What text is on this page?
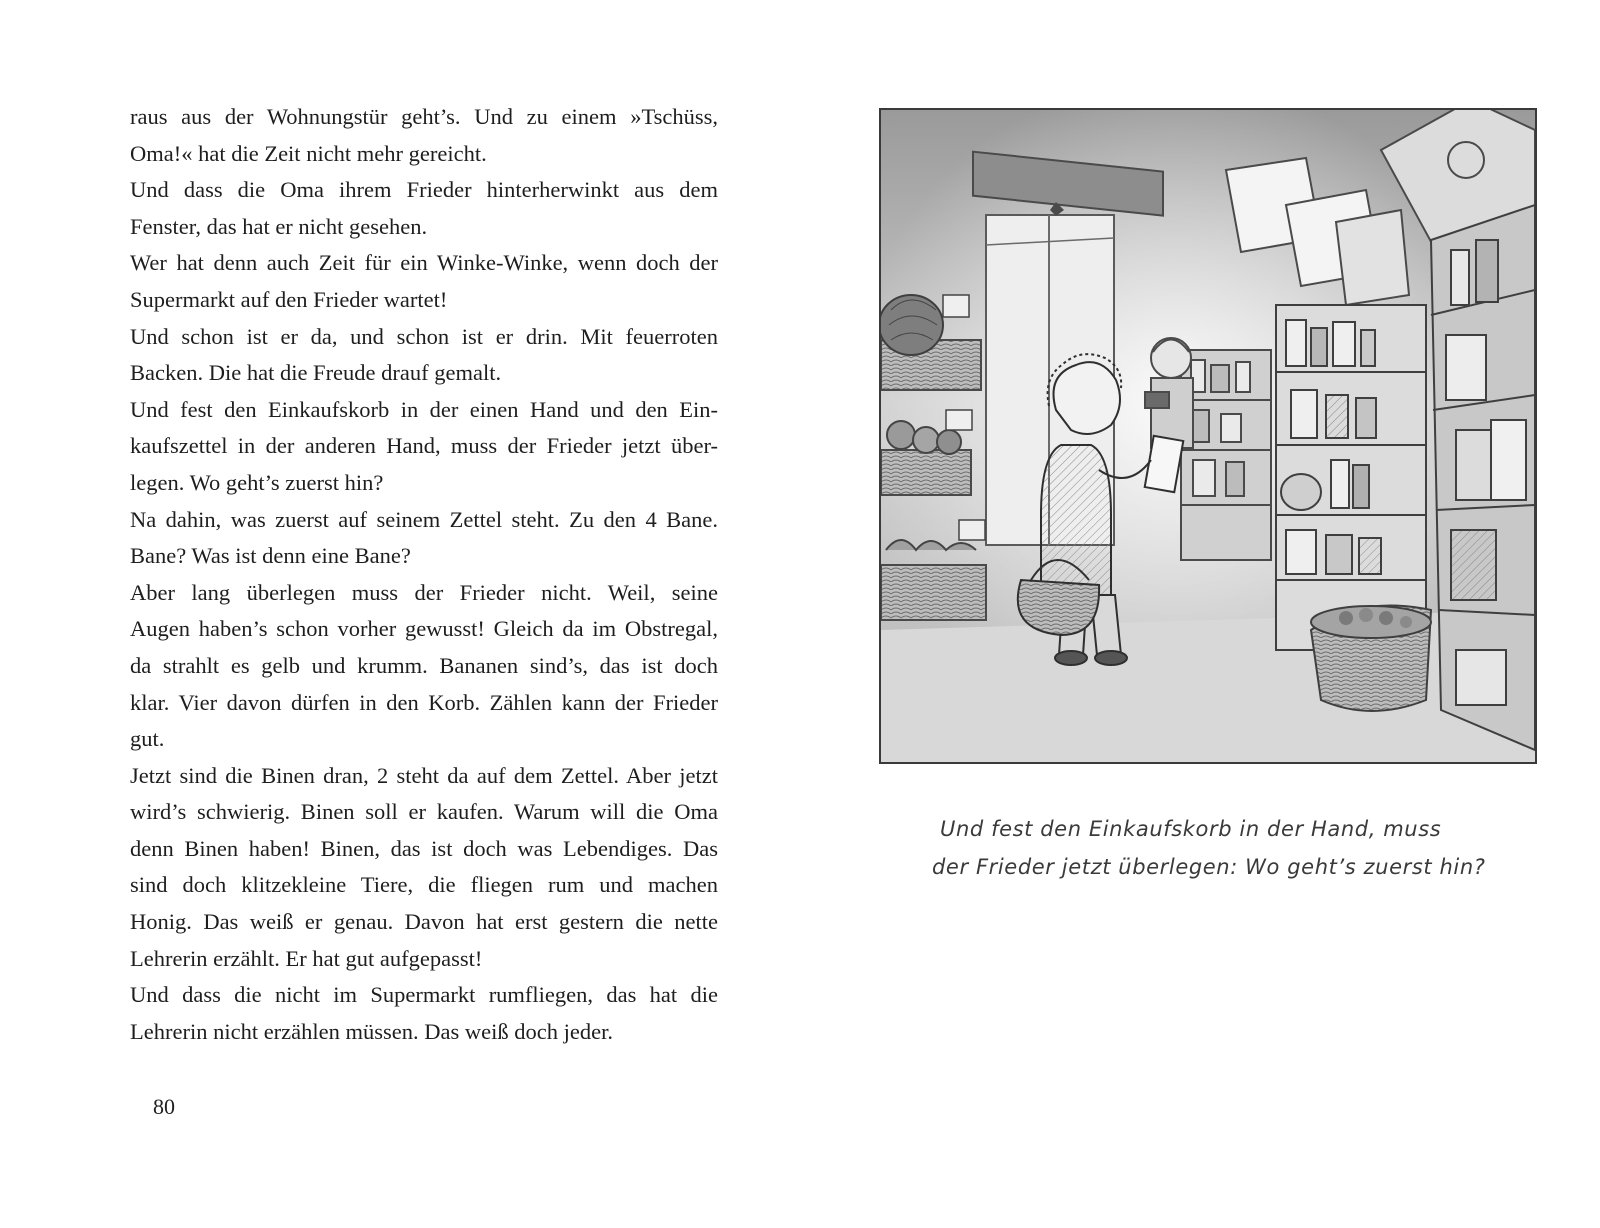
raus aus der Wohnungstür geht’s. Und zu einem »Tschüss,
Oma!« hat die Zeit nicht mehr gereicht.
Und dass die Oma ihrem Frieder hinterherwinkt aus dem
Fenster, das hat er nicht gesehen.
Wer hat denn auch Zeit für ein Winke-Winke, wenn doch der
Supermarkt auf den Frieder wartet!
Und schon ist er da, und schon ist er drin. Mit feuerroten
Backen. Die hat die Freude drauf gemalt.
Und fest den Einkaufskorb in der einen Hand und den Ein-
kaufszettel in der anderen Hand, muss der Frieder jetzt über-
legen. Wo geht’s zuerst hin?
Na dahin, was zuerst auf seinem Zettel steht. Zu den 4 Bane.
Bane? Was ist denn eine Bane?
Aber lang überlegen muss der Frieder nicht. Weil, seine
Augen haben’s schon vorher gewusst! Gleich da im Obstregal,
da strahlt es gelb und krumm. Bananen sind’s, das ist doch
klar. Vier davon dürfen in den Korb. Zählen kann der Frieder
gut.
Jetzt sind die Binen dran, 2 steht da auf dem Zettel. Aber jetzt
wird’s schwierig. Binen soll er kaufen. Warum will die Oma
denn Binen haben! Binen, das ist doch was Lebendiges. Das
sind doch klitzekleine Tiere, die fliegen rum und machen
Honig. Das weiß er genau. Davon hat erst gestern die nette
Lehrerin erzählt. Er hat gut aufgepasst!
Und dass die nicht im Supermarkt rumfliegen, das hat die
Lehrerin nicht erzählen müssen. Das weiß doch jeder.
80
Und fest den Einkaufskorb in der Hand, muss
der Frieder jetzt überlegen: Wo geht’s zuerst hin?
